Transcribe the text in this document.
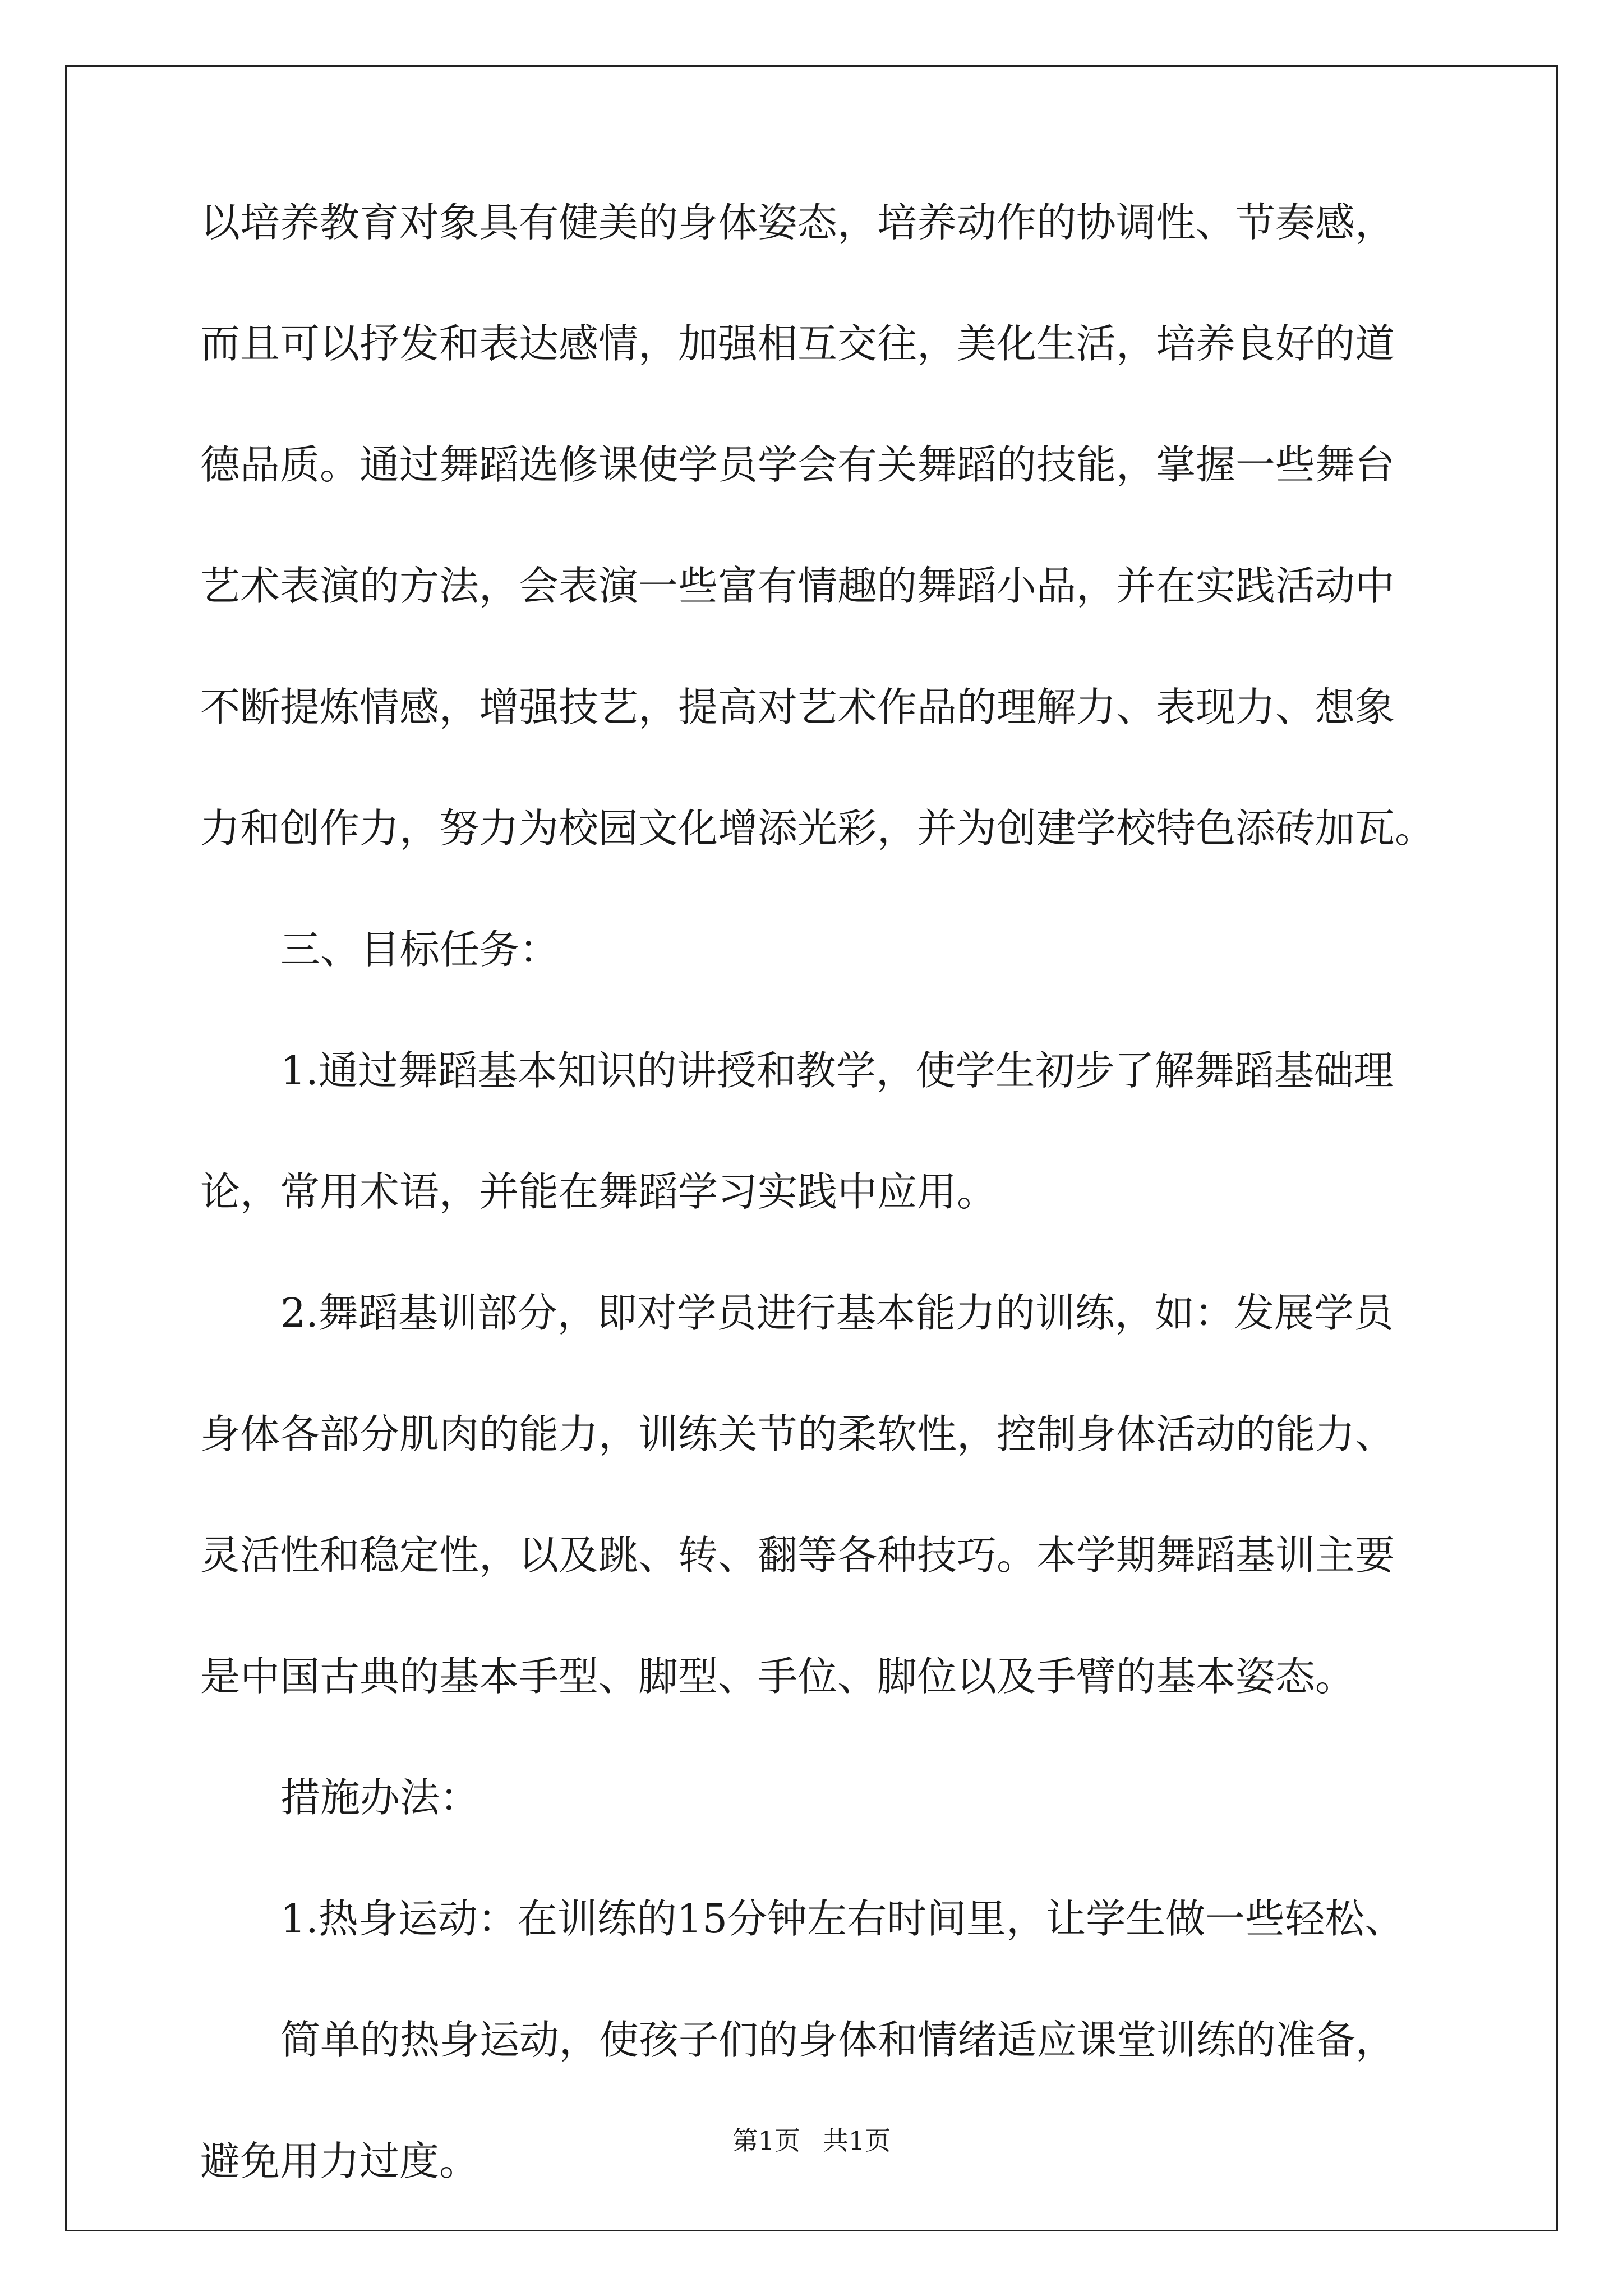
以培养教育对象具有健美的身体姿态，培养动作的协调性、节奏感，
而且可以抒发和表达感情，加强相互交往，美化生活，培养良好的道
德品质。通过舞蹈选修课使学员学会有关舞蹈的技能，掌握一些舞台
艺术表演的方法，会表演一些富有情趣的舞蹈小品，并在实践活动中
不断提炼情感，增强技艺，提高对艺术作品的理解力、表现力、想象
力和创作力，努力为校园文化增添光彩，并为创建学校特色添砖加瓦。
三、目标任务：
1.通过舞蹈基本知识的讲授和教学，使学生初步了解舞蹈基础理
论，常用术语，并能在舞蹈学习实践中应用。
2.舞蹈基训部分，即对学员进行基本能力的训练，如：发展学员
身体各部分肌肉的能力，训练关节的柔软性，控制身体活动的能力、
灵活性和稳定性，以及跳、转、翻等各种技巧。本学期舞蹈基训主要
是中国古典的基本手型、脚型、手位、脚位以及手臂的基本姿态。
措施办法：
1.热身运动：在训练的15分钟左右时间里，让学生做一些轻松、
简单的热身运动，使孩子们的身体和情绪适应课堂训练的准备，
避免用力过度。	第1页 共1页
